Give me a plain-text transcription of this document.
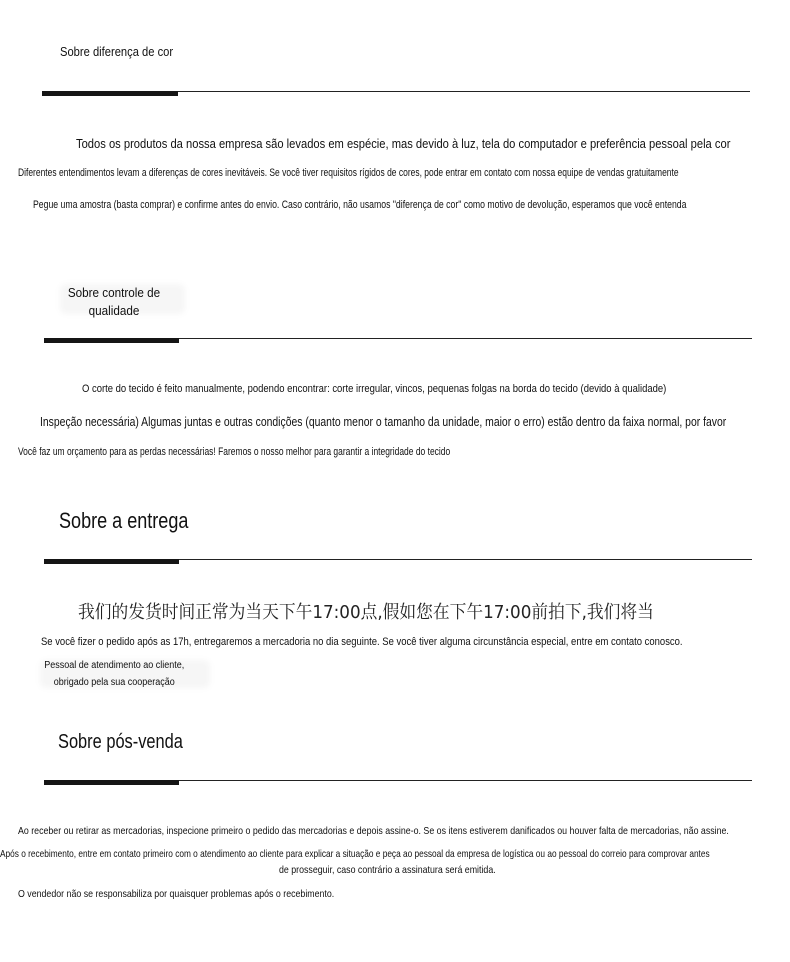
Sobre diferença de cor
Todos os produtos da nossa empresa são levados em espécie, mas devido à luz, tela do computador e preferência pessoal pela cor
Diferentes entendimentos levam a diferenças de cores inevitáveis. Se você tiver requisitos rígidos de cores, pode entrar em contato com nossa equipe de vendas gratuitamente
Pegue uma amostra (basta comprar) e confirme antes do envio. Caso contrário, não usamos "diferença de cor" como motivo de devolução, esperamos que você entenda
Sobre controle de
qualidade
O corte do tecido é feito manualmente, podendo encontrar: corte irregular, vincos, pequenas folgas na borda do tecido (devido à qualidade)
Inspeção necessária) Algumas juntas e outras condições (quanto menor o tamanho da unidade, maior o erro) estão dentro da faixa normal, por favor
Você faz um orçamento para as perdas necessárias! Faremos o nosso melhor para garantir a integridade do tecido
Sobre a entrega
我们的发货时间正常为当天下午17:00点,假如您在下午17:00前拍下,我们将当
Se você fizer o pedido após as 17h, entregaremos a mercadoria no dia seguinte. Se você tiver alguma circunstância especial, entre em contato conosco.
Pessoal de atendimento ao cliente,
obrigado pela sua cooperação
Sobre pós-venda
Ao receber ou retirar as mercadorias, inspecione primeiro o pedido das mercadorias e depois assine-o. Se os itens estiverem danificados ou houver falta de mercadorias, não assine.
Após o recebimento, entre em contato primeiro com o atendimento ao cliente para explicar a situação e peça ao pessoal da empresa de logística ou ao pessoal do correio para comprovar antes
de prosseguir, caso contrário a assinatura será emitida.
O vendedor não se responsabiliza por quaisquer problemas após o recebimento.
